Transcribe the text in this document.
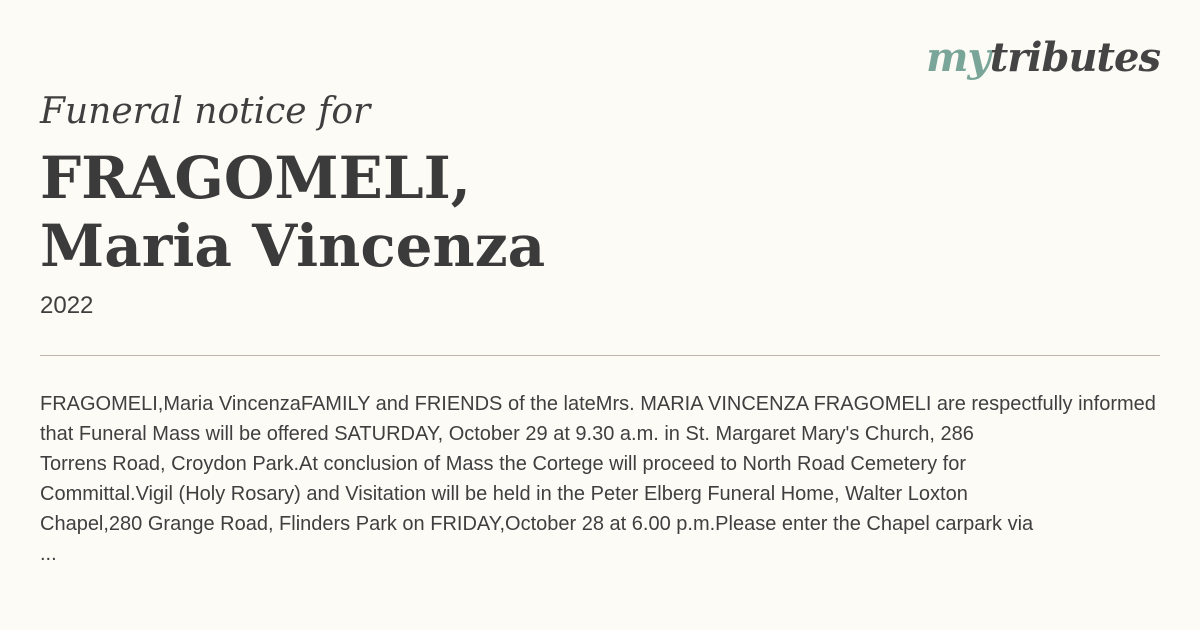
mytributes
Funeral notice for
FRAGOMELI,
Maria Vincenza
2022
FRAGOMELI,Maria VincenzaFAMILY and FRIENDS of the lateMrs. MARIA VINCENZA FRAGOMELI are respectfully informed
that Funeral Mass will be offered SATURDAY, October 29 at 9.30 a.m. in St. Margaret Mary's Church, 286
Torrens Road, Croydon Park.At conclusion of Mass the Cortege will proceed to North Road Cemetery for
Committal.Vigil (Holy Rosary) and Visitation will be held in the Peter Elberg Funeral Home, Walter Loxton
Chapel,280 Grange Road, Flinders Park on FRIDAY,October 28 at 6.00 p.m.Please enter the Chapel carpark via
...
